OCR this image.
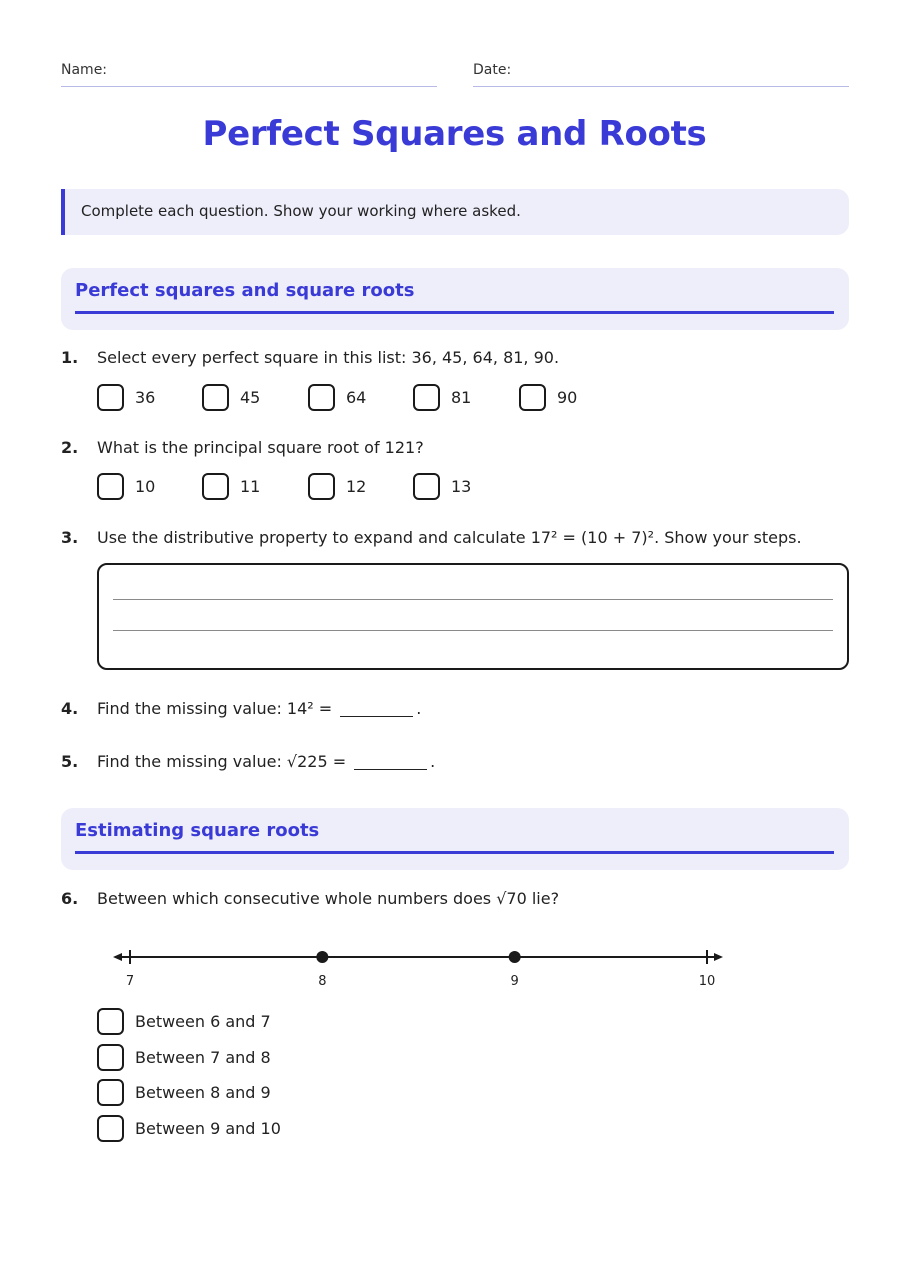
Name:	Date:
Perfect Squares and Roots
Complete each question. Show your working where asked.
Perfect squares and square roots
1. Select every perfect square in this list: 36, 45, 64, 81, 90.
36	45	64	81	90
2. What is the principal square root of 121?
10	11	12	13
3. Use the distributive property to expand and calculate 17² = (10 + 7)². Show your steps.
4. Find the missing value: 14² =	.
5. Find the missing value: √225 =	.
Estimating square roots
6. Between which consecutive whole numbers does √70 lie?
7	8	9	10
Between 6 and 7
Between 7 and 8
Between 8 and 9
Between 9 and 10
